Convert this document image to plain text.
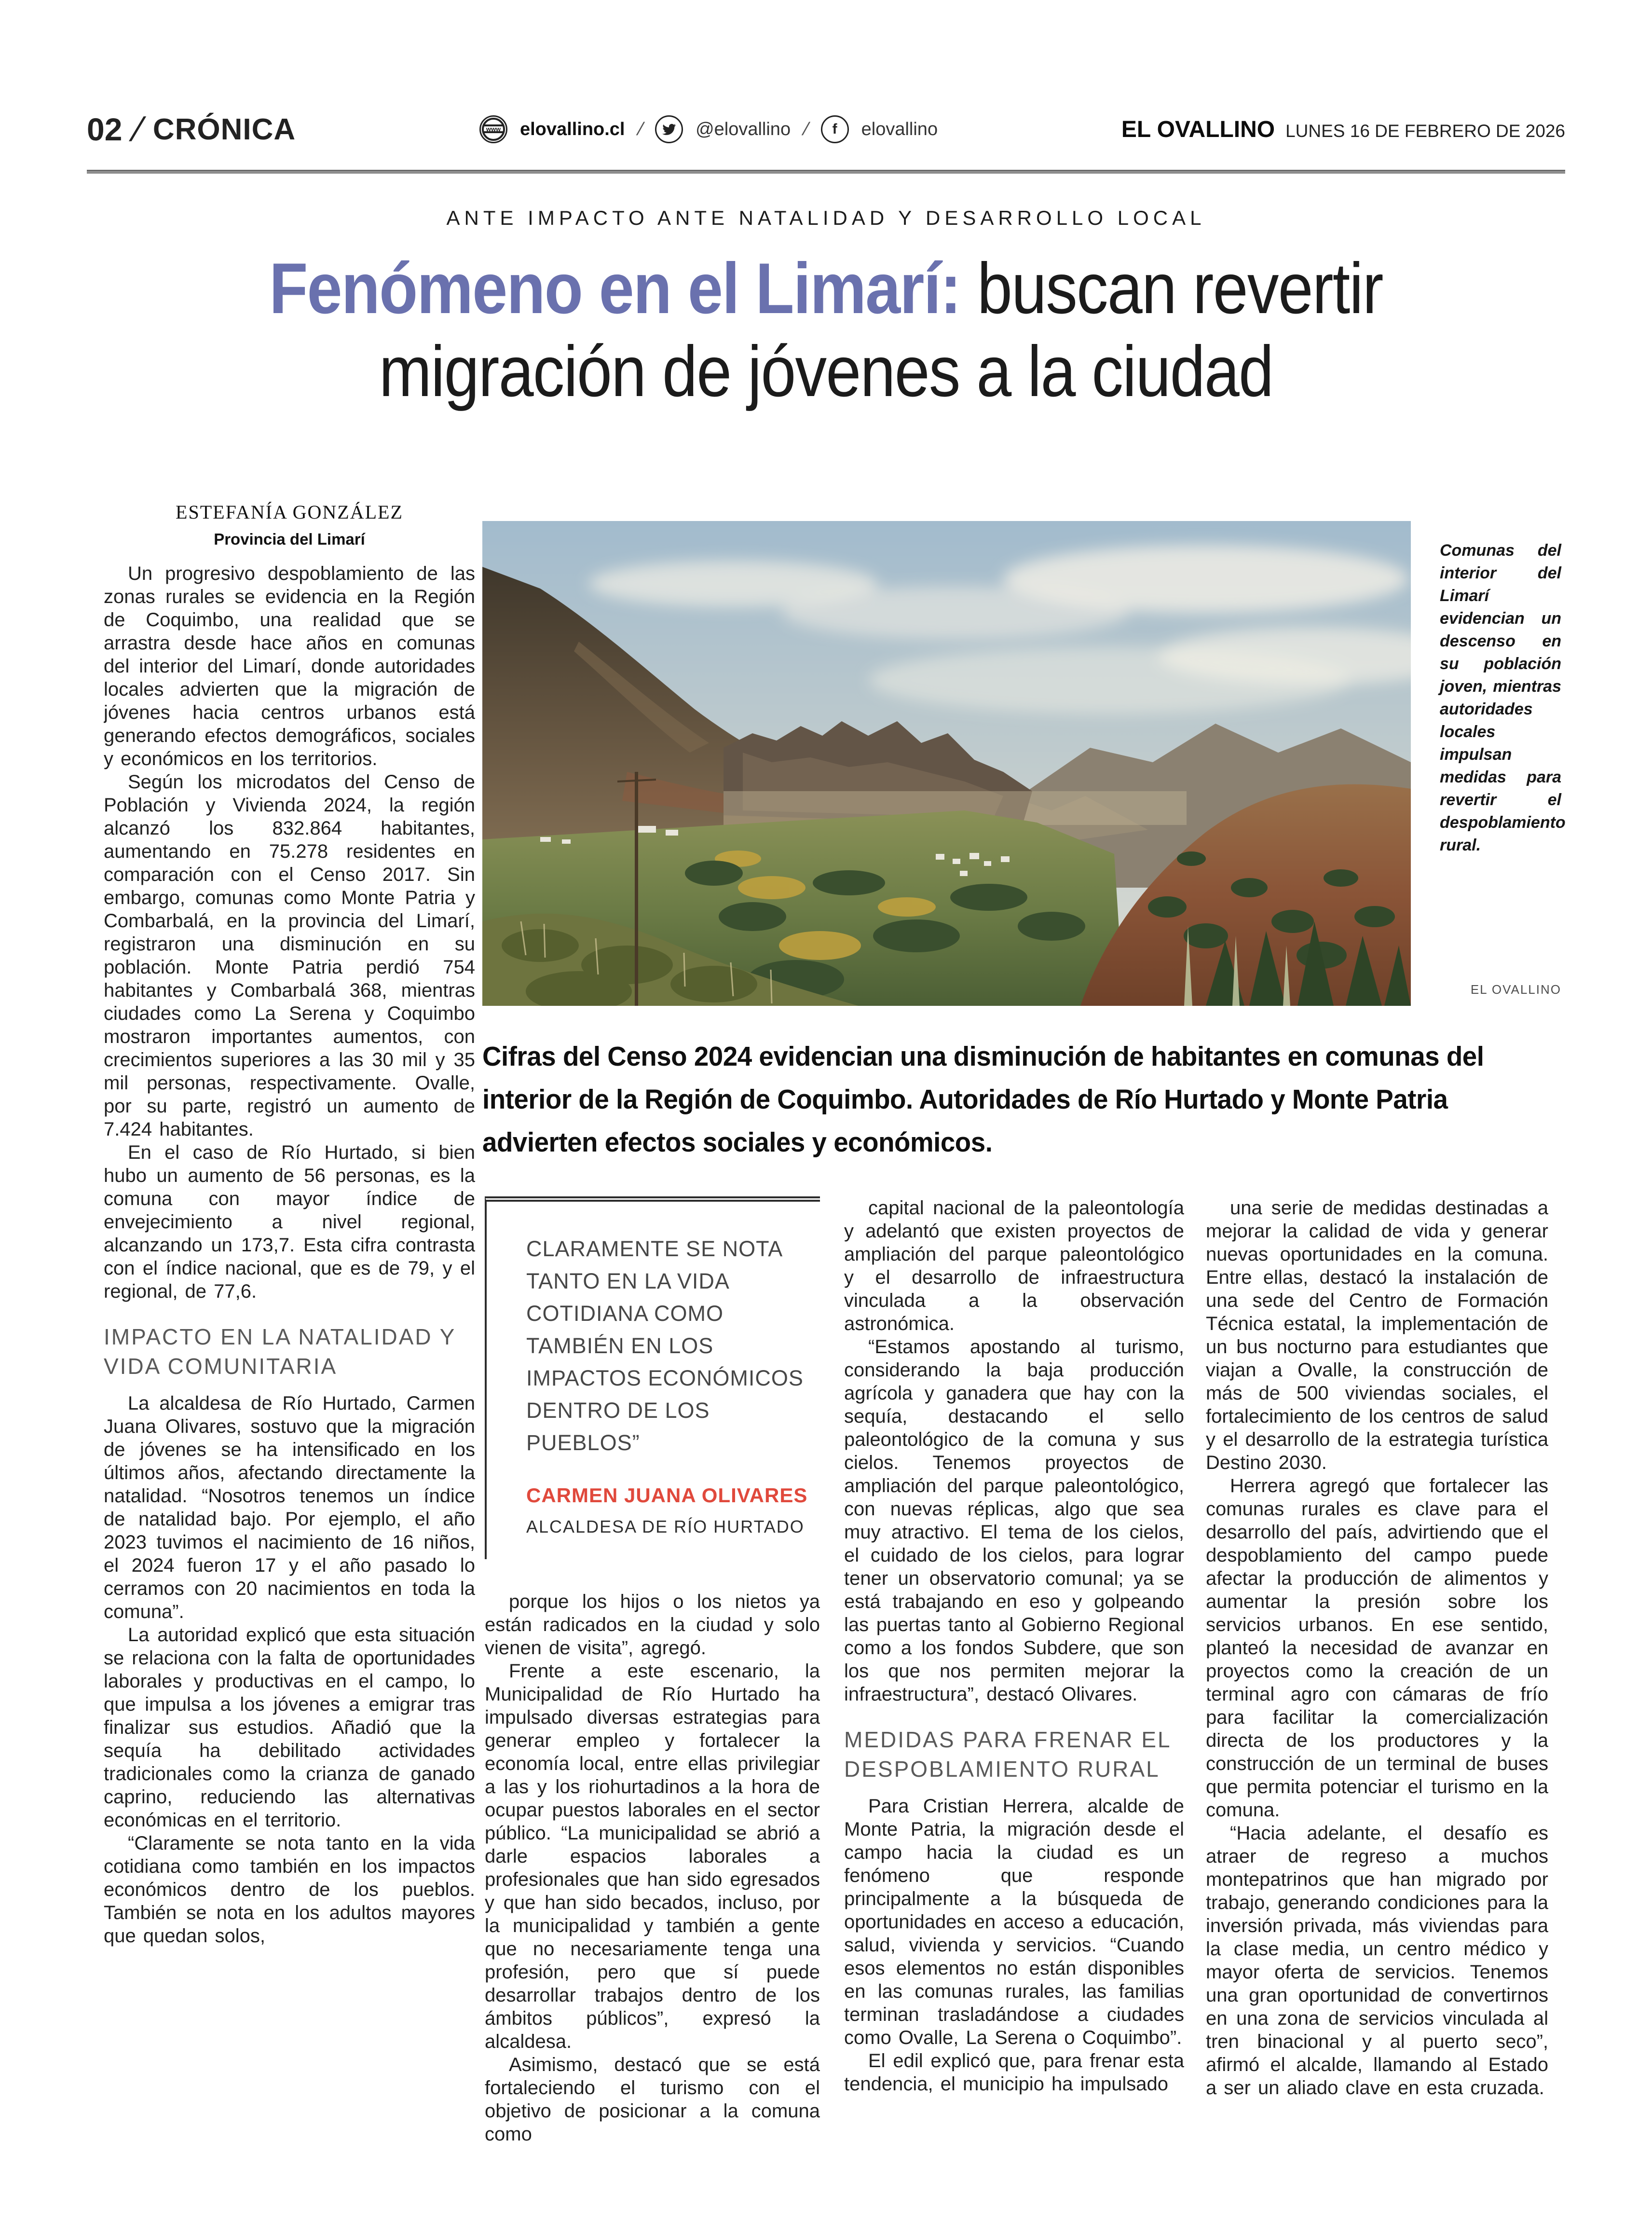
02 / CRÓNICA	www elovallino.cl /	@elovallino /	f	elovallino	EL OVALLINO LUNES 16 DE FEBRERO DE 2026
ANTE IMPACTO ANTE NATALIDAD Y DESARROLLO LOCAL
Fenómeno en el Limarí: buscan revertir
migración de jóvenes a la ciudad
ESTEFANÍA GONZÁLEZ
Provincia del Limarí
Comunas del interior del Limarí evidencian un descenso en su población joven, mientras autoridades locales impulsan medidas para revertir el despoblamiento rural.
EL OVALLINO
Cifras del Censo 2024 evidencian una disminución de habitantes en comunas del interior de la Región de Coquimbo. Autoridades de Río Hurtado y Monte Patria advierten efectos sociales y económicos.

Un progresivo despoblamiento de las zonas rurales se evidencia en la Región de Coquimbo, una realidad que se arrastra desde hace años en comunas del interior del Limarí, donde autoridades locales advierten que la migración de jóvenes hacia centros urbanos está generando efectos demográficos, sociales y económicos en los territorios.

Según los microdatos del Censo de Población y Vivienda 2024, la región alcanzó los 832.864 habitantes, aumentando en 75.278 residentes en comparación con el Censo 2017. Sin embargo, comunas como Monte Patria y Combarbalá, en la provincia del Limarí, registraron una disminución en su población. Monte Patria perdió 754 habitantes y Combarbalá 368, mientras ciudades como La Serena y Coquimbo mostraron importantes aumentos, con crecimientos superiores a las 30 mil y 35 mil personas, respectivamente. Ovalle, por su parte, registró un aumento de 7.424 habitantes.

En el caso de Río Hurtado, si bien hubo un aumento de 56 personas, es la comuna con mayor índice de envejecimiento a nivel regional, alcanzando un 173,7. Esta cifra contrasta con el índice nacional, que es de 79, y el regional, de 77,6.

IMPACTO EN LA NATALIDAD Y VIDA COMUNITARIA

La alcaldesa de Río Hurtado, Carmen Juana Olivares, sostuvo que la migración de jóvenes se ha intensificado en los últimos años, afectando directamente la natalidad. “Nosotros tenemos un índice de natalidad bajo. Por ejemplo, el año 2023 tuvimos el nacimiento de 16 niños, el 2024 fueron 17 y el año pasado lo cerramos con 20 nacimientos en toda la comuna”.

La autoridad explicó que esta situación se relaciona con la falta de oportunidades laborales y productivas en el campo, lo que impulsa a los jóvenes a emigrar tras finalizar sus estudios. Añadió que la sequía ha debilitado actividades tradicionales como la crianza de ganado caprino, reduciendo las alternativas económicas en el territorio.

“Claramente se nota tanto en la vida cotidiana como también en los impactos económicos dentro de los pueblos. También se nota en los adultos mayores que quedan solos,

CLARAMENTE SE NOTA TANTO EN LA VIDA COTIDIANA COMO TAMBIÉN EN LOS IMPACTOS ECONÓMICOS DENTRO DE LOS PUEBLOS”
CARMEN JUANA OLIVARES
ALCALDESA DE RÍO HURTADO

porque los hijos o los nietos ya están radicados en la ciudad y solo vienen de visita”, agregó.

Frente a este escenario, la Municipalidad de Río Hurtado ha impulsado diversas estrategias para generar empleo y fortalecer la economía local, entre ellas privilegiar a las y los riohurtadinos a la hora de ocupar puestos laborales en el sector público. “La municipalidad se abrió a darle espacios laborales a profesionales que han sido egresados y que han sido becados, incluso, por la municipalidad y también a gente que no necesariamente tenga una profesión, pero que sí puede desarrollar trabajos dentro de los ámbitos públicos”, expresó la alcaldesa.

Asimismo, destacó que se está fortaleciendo el turismo con el objetivo de posicionar a la comuna como

capital nacional de la paleontología y adelantó que existen proyectos de ampliación del parque paleontológico y el desarrollo de infraestructura vinculada a la observación astronómica.

“Estamos apostando al turismo, considerando la baja producción agrícola y ganadera que hay con la sequía, destacando el sello paleontológico de la comuna y sus cielos. Tenemos proyectos de ampliación del parque paleontológico, con nuevas réplicas, algo que sea muy atractivo. El tema de los cielos, el cuidado de los cielos, para lograr tener un observatorio comunal; ya se está trabajando en eso y golpeando las puertas tanto al Gobierno Regional como a los fondos Subdere, que son los que nos permiten mejorar la infraestructura”, destacó Olivares.

MEDIDAS PARA FRENAR EL DESPOBLAMIENTO RURAL

Para Cristian Herrera, alcalde de Monte Patria, la migración desde el campo hacia la ciudad es un fenómeno que responde principalmente a la búsqueda de oportunidades en acceso a educación, salud, vivienda y servicios. “Cuando esos elementos no están disponibles en las comunas rurales, las familias terminan trasladándose a ciudades como Ovalle, La Serena o Coquimbo”.

El edil explicó que, para frenar esta tendencia, el municipio ha impulsado

una serie de medidas destinadas a mejorar la calidad de vida y generar nuevas oportunidades en la comuna. Entre ellas, destacó la instalación de una sede del Centro de Formación Técnica estatal, la implementación de un bus nocturno para estudiantes que viajan a Ovalle, la construcción de más de 500 viviendas sociales, el fortalecimiento de los centros de salud y el desarrollo de la estrategia turística Destino 2030.

Herrera agregó que fortalecer las comunas rurales es clave para el desarrollo del país, advirtiendo que el despoblamiento del campo puede afectar la producción de alimentos y aumentar la presión sobre los servicios urbanos. En ese sentido, planteó la necesidad de avanzar en proyectos como la creación de un terminal agro con cámaras de frío para facilitar la comercialización directa de los productores y la construcción de un terminal de buses que permita potenciar el turismo en la comuna.

“Hacia adelante, el desafío es atraer de regreso a muchos montepatrinos que han migrado por trabajo, generando condiciones para la inversión privada, más viviendas para la clase media, un centro médico y mayor oferta de servicios. Tenemos una gran oportunidad de convertirnos en una zona de servicios vinculada al tren binacional y al puerto seco”, afirmó el alcalde, llamando al Estado a ser un aliado clave en esta cruzada.
